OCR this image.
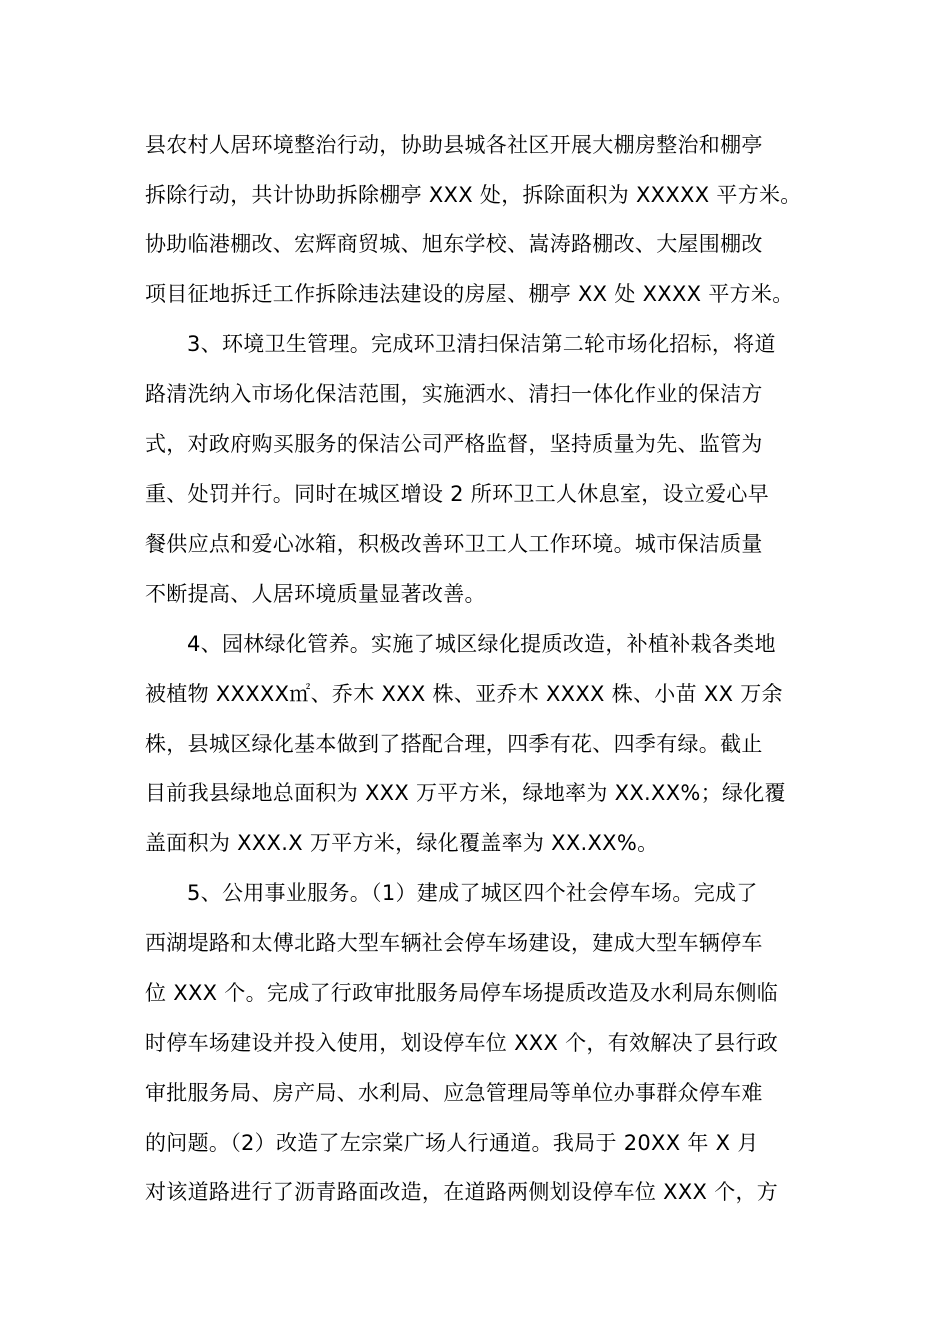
县农村人居环境整治行动，协助县城各社区开展大棚房整治和棚亭
拆除行动，共计协助拆除棚亭 XXX 处，拆除面积为 XXXXX 平方米。
协助临港棚改、宏辉商贸城、旭东学校、嵩涛路棚改、大屋围棚改
项目征地拆迁工作拆除违法建设的房屋、棚亭 XX 处 XXXX 平方米。
3、环境卫生管理。完成环卫清扫保洁第二轮市场化招标，将道
路清洗纳入市场化保洁范围，实施洒水、清扫一体化作业的保洁方
式，对政府购买服务的保洁公司严格监督，坚持质量为先、监管为
重、处罚并行。同时在城区增设 2 所环卫工人休息室，设立爱心早
餐供应点和爱心冰箱，积极改善环卫工人工作环境。城市保洁质量
不断提高、人居环境质量显著改善。
4、园林绿化管养。实施了城区绿化提质改造，补植补栽各类地
被植物 XXXXX㎡、乔木 XXX 株、亚乔木 XXXX 株、小苗 XX 万余
株，县城区绿化基本做到了搭配合理，四季有花、四季有绿。截止
目前我县绿地总面积为 XXX 万平方米，绿地率为 XX.XX%；绿化覆
盖面积为 XXX.X 万平方米，绿化覆盖率为 XX.XX%。
5、公用事业服务。（1）建成了城区四个社会停车场。完成了
西湖堤路和太傅北路大型车辆社会停车场建设，建成大型车辆停车
位 XXX 个。完成了行政审批服务局停车场提质改造及水利局东侧临
时停车场建设并投入使用，划设停车位 XXX 个，有效解决了县行政
审批服务局、房产局、水利局、应急管理局等单位办事群众停车难
的问题。（2）改造了左宗棠广场人行通道。我局于 20XX 年 X 月
对该道路进行了沥青路面改造，在道路两侧划设停车位 XXX 个，方
